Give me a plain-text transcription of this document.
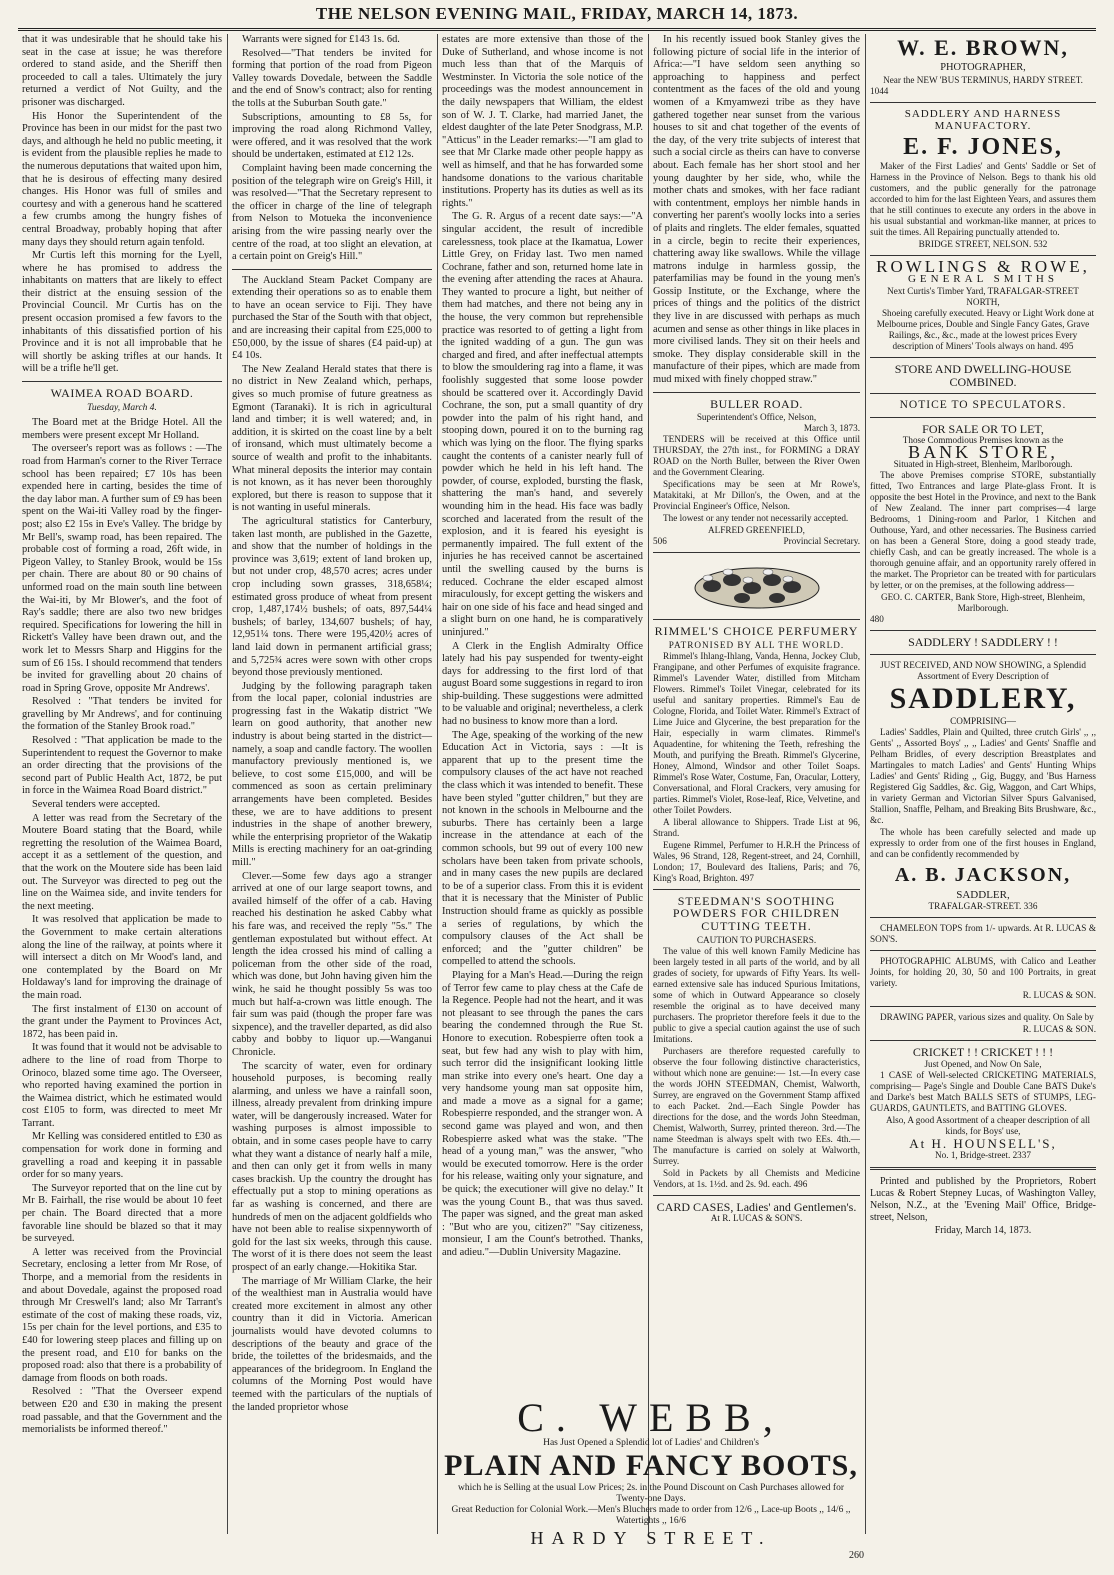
THE NELSON EVENING MAIL, FRIDAY, MARCH 14, 1873.

that it was undesirable that he should take his seat in the case at issue; he was therefore ordered to stand aside, and the Sheriff then proceeded to call a tales. Ultimately the jury returned a verdict of Not Guilty, and the prisoner was discharged.

His Honor the Superintendent of the Province has been in our midst for the past two days, and although he held no public meeting, it is evident from the plausible replies he made to the numerous deputations that waited upon him, that he is desirous of effecting many desired changes. His Honor was full of smiles and courtesy and with a generous hand he scattered a few crumbs among the hungry fishes of central Broadway, probably hoping that after many days they should return again tenfold.

Mr Curtis left this morning for the Lyell, where he has promised to address the inhabitants on matters that are likely to effect their district at the ensuing session of the Provincial Council. Mr Curtis has on the present occasion promised a few favors to the inhabitants of this dissatisfied portion of his Province and it is not all improbable that he will shortly be asking trifles at our hands. It will be a trifle he'll get.

WAIMEA ROAD BOARD.
Tuesday, March 4.

The Board met at the Bridge Hotel. All the members were present except Mr Holland.

The overseer's report was as follows : —The road from Harman's corner to the River Terrace school has been repaired; £7 10s has been expended here in carting, besides the time of the day labor man. A further sum of £9 has been spent on the Wai-iti Valley road by the finger-post; also £2 15s in Eve's Valley. The bridge by Mr Bell's, swamp road, has been repaired. The probable cost of forming a road, 26ft wide, in Pigeon Valley, to Stanley Brook, would be 15s per chain. There are about 80 or 90 chains of unformed road on the main south line between the Wai-iti, by Mr Blower's, and the foot of Ray's saddle; there are also two new bridges required. Specifications for lowering the hill in Rickett's Valley have been drawn out, and the work let to Messrs Sharp and Higgins for the sum of £6 15s. I should recommend that tenders be invited for gravelling about 20 chains of road in Spring Grove, opposite Mr Andrews'.

Resolved : "That tenders be invited for gravelling by Mr Andrews', and for continuing the formation of the Stanley Brook road."

Resolved : "That application be made to the Superintendent to request the Governor to make an order directing that the provisions of the second part of Public Health Act, 1872, be put in force in the Waimea Road Board district."

Several tenders were accepted.

A letter was read from the Secretary of the Moutere Board stating that the Board, while regretting the resolution of the Waimea Board, accept it as a settlement of the question, and that the work on the Moutere side has been laid out. The Surveyor was directed to peg out the line on the Waimea side, and invite tenders for the next meeting.

It was resolved that application be made to the Government to make certain alterations along the line of the railway, at points where it will intersect a ditch on Mr Wood's land, and one contemplated by the Board on Mr Holdaway's land for improving the drainage of the main road.

The first instalment of £130 on account of the grant under the Payment to Provinces Act, 1872, has been paid in.

It was found that it would not be advisable to adhere to the line of road from Thorpe to Orinoco, blazed some time ago. The Overseer, who reported having examined the portion in the Waimea district, which he estimated would cost £105 to form, was directed to meet Mr Tarrant.

Mr Kelling was considered entitled to £30 as compensation for work done in forming and gravelling a road and keeping it in passable order for so many years.

The Surveyor reported that on the line cut by Mr B. Fairhall, the rise would be about 10 feet per chain. The Board directed that a more favorable line should be blazed so that it may be surveyed.

A letter was received from the Provincial Secretary, enclosing a letter from Mr Rose, of Thorpe, and a memorial from the residents in and about Dovedale, against the proposed road through Mr Creswell's land; also Mr Tarrant's estimate of the cost of making these roads, viz, 15s per chain for the level portions, and £35 to £40 for lowering steep places and filling up on the present road, and £10 for banks on the proposed road: also that there is a probability of damage from floods on both roads.

Resolved : "That the Overseer expend between £20 and £30 in making the present road passable, and that the Government and the memorialists be informed thereof."

Warrants were signed for £143 1s. 6d.

Resolved—"That tenders be invited for forming that portion of the road from Pigeon Valley towards Dovedale, between the Saddle and the end of Snow's contract; also for renting the tolls at the Suburban South gate."

Subscriptions, amounting to £8 5s, for improving the road along Richmond Valley, were offered, and it was resolved that the work should be undertaken, estimated at £12 12s.

Complaint having been made concerning the position of the telegraph wire on Greig's Hill, it was resolved—"That the Secretary represent to the officer in charge of the line of telegraph from Nelson to Motueka the inconvenience arising from the wire passing nearly over the centre of the road, at too slight an elevation, at a certain point on Greig's Hill."

The Auckland Steam Packet Company are extending their operations so as to enable them to have an ocean service to Fiji. They have purchased the Star of the South with that object, and are increasing their capital from £25,000 to £50,000, by the issue of shares (£4 paid-up) at £4 10s.

The New Zealand Herald states that there is no district in New Zealand which, perhaps, gives so much promise of future greatness as Egmont (Taranaki). It is rich in agricultural land and timber; it is well watered; and, in addition, it is skirted on the coast line by a belt of ironsand, which must ultimately become a source of wealth and profit to the inhabitants. What mineral deposits the interior may contain is not known, as it has never been thoroughly explored, but there is reason to suppose that it is not wanting in useful minerals.

The agricultural statistics for Canterbury, taken last month, are published in the Gazette, and show that the number of holdings in the province was 3,619; extent of land broken up, but not under crop, 48,570 acres; acres under crop including sown grasses, 318,658¼; estimated gross produce of wheat from present crop, 1,487,174½ bushels; of oats, 897,544¼ bushels; of barley, 134,607 bushels; of hay, 12,951¼ tons. There were 195,420½ acres of land laid down in permanent artificial grass; and 5,725¾ acres were sown with other crops beyond those previously mentioned.

Judging by the following paragraph taken from the local paper, colonial industries are progressing fast in the Wakatip district "We learn on good authority, that another new industry is about being started in the district—namely, a soap and candle factory. The woollen manufactory previously mentioned is, we believe, to cost some £15,000, and will be commenced as soon as certain preliminary arrangements have been completed. Besides these, we are to have additions to present industries in the shape of another brewery, while the enterprising proprietor of the Wakatip Mills is erecting machinery for an oat-grinding mill."

Clever.—Some few days ago a stranger arrived at one of our large seaport towns, and availed himself of the offer of a cab. Having reached his destination he asked Cabby what his fare was, and received the reply "5s." The gentleman expostulated but without effect. At length the idea crossed his mind of calling a policeman from the other side of the road, which was done, but John having given him the wink, he said he thought possibly 5s was too much but half-a-crown was little enough. The fair sum was paid (though the proper fare was sixpence), and the traveller departed, as did also cabby and bobby to liquor up.—Wanganui Chronicle.

The scarcity of water, even for ordinary household purposes, is becoming really alarming, and unless we have a rainfall soon, illness, already prevalent from drinking impure water, will be dangerously increased. Water for washing purposes is almost impossible to obtain, and in some cases people have to carry what they want a distance of nearly half a mile, and then can only get it from wells in many cases brackish. Up the country the drought has effectually put a stop to mining operations as far as washing is concerned, and there are hundreds of men on the adjacent goldfields who have not been able to realise sixpennyworth of gold for the last six weeks, through this cause. The worst of it is there does not seem the least prospect of an early change.—Hokitika Star.

The marriage of Mr William Clarke, the heir of the wealthiest man in Australia would have created more excitement in almost any other country than it did in Victoria. American journalists would have devoted columns to descriptions of the beauty and grace of the bride, the toilettes of the bridesmaids, and the appearances of the bridegroom. In England the columns of the Morning Post would have teemed with the particulars of the nuptials of the landed proprietor whose

estates are more extensive than those of the Duke of Sutherland, and whose income is not much less than that of the Marquis of Westminster. In Victoria the sole notice of the proceedings was the modest announcement in the daily newspapers that William, the eldest son of W. J. T. Clarke, had married Janet, the eldest daughter of the late Peter Snodgrass, M.P. "Atticus" in the Leader remarks:—"I am glad to see that Mr Clarke made other people happy as well as himself, and that he has forwarded some handsome donations to the various charitable institutions. Property has its duties as well as its rights."

The G. R. Argus of a recent date says:—"A singular accident, the result of incredible carelessness, took place at the Ikamatua, Lower Little Grey, on Friday last. Two men named Cochrane, father and son, returned home late in the evening after attending the races at Ahaura. They wanted to procure a light, but neither of them had matches, and there not being any in the house, the very common but reprehensible practice was resorted to of getting a light from the ignited wadding of a gun. The gun was charged and fired, and after ineffectual attempts to blow the smouldering rag into a flame, it was foolishly suggested that some loose powder should be scattered over it. Accordingly David Cochrane, the son, put a small quantity of dry powder into the palm of his right hand, and stooping down, poured it on to the burning rag which was lying on the floor. The flying sparks caught the contents of a canister nearly full of powder which he held in his left hand. The powder, of course, exploded, bursting the flask, shattering the man's hand, and severely wounding him in the head. His face was badly scorched and lacerated from the result of the explosion, and it is feared his eyesight is permanently impaired. The full extent of the injuries he has received cannot be ascertained until the swelling caused by the burns is reduced. Cochrane the elder escaped almost miraculously, for except getting the wiskers and hair on one side of his face and head singed and a slight burn on one hand, he is comparatively uninjured."

A Clerk in the English Admiralty Office lately had his pay suspended for twenty-eight days for addressing to the first lord of that august Board some suggestions in regard to iron ship-building. These suggestions were admitted to be valuable and original; nevertheless, a clerk had no business to know more than a lord.

The Age, speaking of the working of the new Education Act in Victoria, says : —It is apparent that up to the present time the compulsory clauses of the act have not reached the class which it was intended to benefit. These have been styled "gutter children," but they are not known in the schools in Melbourne and the suburbs. There has certainly been a large increase in the attendance at each of the common schools, but 99 out of every 100 new scholars have been taken from private schools, and in many cases the new pupils are declared to be of a superior class. From this it is evident that it is necessary that the Minister of Public Instruction should frame as quickly as possible a series of regulations, by which the compulsory clauses of the Act shall be enforced; and the "gutter children" be compelled to attend the schools.

Playing for a Man's Head.—During the reign of Terror few came to play chess at the Cafe de la Regence. People had not the heart, and it was not pleasant to see through the panes the cars bearing the condemned through the Rue St. Honore to execution. Robespierre often took a seat, but few had any wish to play with him, such terror did the insignificant looking little man strike into every one's heart. One day a very handsome young man sat opposite him, and made a move as a signal for a game; Robespierre responded, and the stranger won. A second game was played and won, and then Robespierre asked what was the stake. "The head of a young man," was the answer, "who would be executed tomorrow. Here is the order for his release, waiting only your signature, and be quick; the executioner will give no delay." It was the young Count B., that was thus saved. The paper was signed, and the great man asked : "But who are you, citizen?" "Say citizeness, monsieur, I am the Count's betrothed. Thanks, and adieu."—Dublin University Magazine.

In his recently issued book Stanley gives the following picture of social life in the interior of Africa:—"I have seldom seen anything so approaching to happiness and perfect contentment as the faces of the old and young women of a Kmyamwezi tribe as they have gathered together near sunset from the various houses to sit and chat together of the events of the day, of the very trite subjects of interest that such a social circle as theirs can have to converse about. Each female has her short stool and her young daughter by her side, who, while the mother chats and smokes, with her face radiant with contentment, employs her nimble hands in converting her parent's woolly locks into a series of plaits and ringlets. The elder females, squatted in a circle, begin to recite their experiences, chattering away like swallows. While the village matrons indulge in harmless gossip, the paterfamilias may be found in the young men's Gossip Institute, or the Exchange, where the prices of things and the politics of the district they live in are discussed with perhaps as much acumen and sense as other things in like places in more civilised lands. They sit on their heels and smoke. They display considerable skill in the manufacture of their pipes, which are made from mud mixed with finely chopped straw."

BULLER ROAD.
Superintendent's Office, Nelson,
March 3, 1873.

TENDERS will be received at this Office until THURSDAY, the 27th inst., for FORMING a DRAY ROAD on the North Buller, between the River Owen and the Government Clearing.

Specifications may be seen at Mr Rowe's, Matakitaki, at Mr Dillon's, the Owen, and at the Provincial Engineer's Office, Nelson.

The lowest or any tender not necessarily accepted.

ALFRED GREENFIELD,
506	Provincial Secretary.
RIMMEL'S CHOICE PERFUMERY
PATRONISED BY ALL THE WORLD.

Rimmel's Ihlang-Ihlang, Vanda, Henna, Jockey Club, Frangipane, and other Perfumes of exquisite fragrance. Rimmel's Lavender Water, distilled from Mitcham Flowers. Rimmel's Toilet Vinegar, celebrated for its useful and sanitary properties. Rimmel's Eau de Cologne, Florida, and Toilet Water. Rimmel's Extract of Lime Juice and Glycerine, the best preparation for the Hair, especially in warm climates. Rimmel's Aquadentine, for whitening the Teeth, refreshing the Mouth, and purifying the Breath. Rimmel's Glycerine, Honey, Almond, Windsor and other Toilet Soaps. Rimmel's Rose Water, Costume, Fan, Oracular, Lottery, Conversational, and Floral Crackers, very amusing for parties. Rimmel's Violet, Rose-leaf, Rice, Velvetine, and other Toilet Powders.

A liberal allowance to Shippers. Trade List at 96, Strand.

Eugene Rimmel, Perfumer to H.R.H the Princess of Wales, 96 Strand, 128, Regent-street, and 24, Cornhill, London; 17, Boulevard des Italiens, Paris; and 76, King's Road, Brighton. 497

STEEDMAN'S SOOTHING POWDERS FOR CHILDREN CUTTING TEETH.
CAUTION TO PURCHASERS.

The value of this well known Family Medicine has been largely tested in all parts of the world, and by all grades of society, for upwards of Fifty Years. Its well-earned extensive sale has induced Spurious Imitations, some of which in Outward Appearance so closely resemble the original as to have deceived many purchasers. The proprietor therefore feels it due to the public to give a special caution against the use of such Imitations.

Purchasers are therefore requested carefully to observe the four following distinctive characteristics, without which none are genuine:— 1st.—In every case the words JOHN STEEDMAN, Chemist, Walworth, Surrey, are engraved on the Government Stamp affixed to each Packet. 2nd.—Each Single Powder has directions for the dose, and the words John Steedman, Chemist, Walworth, Surrey, printed thereon. 3rd.—The name Steedman is always spelt with two EEs. 4th.—The manufacture is carried on solely at Walworth, Surrey.

Sold in Packets by all Chemists and Medicine Vendors, at 1s. 1½d. and 2s. 9d. each. 496

CARD CASES, Ladies' and Gentlemen's.
At R. LUCAS & SON'S.
W. E. BROWN,
PHOTOGRAPHER,
Near the NEW 'BUS TERMINUS, HARDY STREET.
1044
SADDLERY AND HARNESS MANUFACTORY.
E. F. JONES,

Maker of the First Ladies' and Gents' Saddle or Set of Harness in the Province of Nelson. Begs to thank his old customers, and the public generally for the patronage accorded to him for the last Eighteen Years, and assures them that he still continues to execute any orders in the above in his usual substantial and workman-like manner, at prices to suit the times. All Repairing punctually attended to.

BRIDGE STREET, NELSON. 532
ROWLINGS & ROWE,
GENERAL SMITHS
Next Curtis's Timber Yard, TRAFALGAR-STREET NORTH,

Shoeing carefully executed. Heavy or Light Work done at Melbourne prices, Double and Single Fancy Gates, Grave Railings, &c., &c., made at the lowest prices Every description of Miners' Tools always on hand. 495

STORE AND DWELLING-HOUSE COMBINED.
NOTICE TO SPECULATORS.
FOR SALE OR TO LET,
Those Commodious Premises known as the
BANK STORE,
Situated in High-street, Blenheim, Marlborough.

The above Premises comprise STORE, substantially fitted, Two Entrances and large Plate-glass Front. It is opposite the best Hotel in the Province, and next to the Bank of New Zealand. The inner part comprises—4 large Bedrooms, 1 Dining-room and Parlor, 1 Kitchen and Outhouse, Yard, and other necessaries. The Business carried on has been a General Store, doing a good steady trade, chiefly Cash, and can be greatly increased. The whole is a thorough genuine affair, and an opportunity rarely offered in the market. The Proprietor can be treated with for particulars by letter, or on the premises, at the following address—

GEO. C. CARTER, Bank Store, High-street, Blenheim, Marlborough.
480
SADDLERY ! SADDLERY ! !
JUST RECEIVED, AND NOW SHOWING, a Splendid Assortment of Every Description of
SADDLERY,
COMPRISING—

Ladies' Saddles, Plain and Quilted, three crutch Girls' ,, ,, Gents' ,, Assorted Boys' ,, ,, Ladies' and Gents' Snaffle and Pelham Bridles, of every description Breastplates and Martingales to match Ladies' and Gents' Hunting Whips Ladies' and Gents' Riding ,, Gig, Buggy, and 'Bus Harness Registered Gig Saddles, &c. Gig, Waggon, and Cart Whips, in variety German and Victorian Silver Spurs Galvanised, Stallion, Snaffle, Pelham, and Breaking Bits Brushware, &c., &c.

The whole has been carefully selected and made up expressly to order from one of the first houses in England, and can be confidently recommended by

A. B. JACKSON,
SADDLER,
TRAFALGAR-STREET. 336

CHAMELEON TOPS from 1/- upwards. At R. LUCAS & SON'S.

PHOTOGRAPHIC ALBUMS, with Calico and Leather Joints, for holding 20, 30, 50 and 100 Portraits, in great variety.

R. LUCAS & SON.

DRAWING PAPER, various sizes and quality. On Sale by

R. LUCAS & SON.
CRICKET ! ! CRICKET ! ! !
Just Opened, and Now On Sale,

1 CASE of Well-selected CRICKETING MATERIALS, comprising— Page's Single and Double Cane BATS Duke's and Darke's best Match BALLS SETS of STUMPS, LEG-GUARDS, GAUNTLETS, and BATTING GLOVES.

Also, A good Assortment of a cheaper description of all kinds, for Boys' use,

At H. HOUNSELL'S,
No. 1, Bridge-street. 2337

Printed and published by the Proprietors, Robert Lucas & Robert Stepney Lucas, of Washington Valley, Nelson, N.Z., at the 'Evening Mail' Office, Bridge-street, Nelson,

Friday, March 14, 1873.
C. WEBB,
Has Just Opened a Splendid lot of Ladies' and Children's
PLAIN AND FANCY BOOTS,
which he is Selling at the usual Low Prices; 2s. in the Pound Discount on Cash Purchases allowed for Twenty-one Days.
Great Reduction for Colonial Work.—Men's Bluchers made to order from 12/6 ,, Lace-up Boots ,, 14/6 ,, Watertights ,, 16/6
HARDY STREET.
260
